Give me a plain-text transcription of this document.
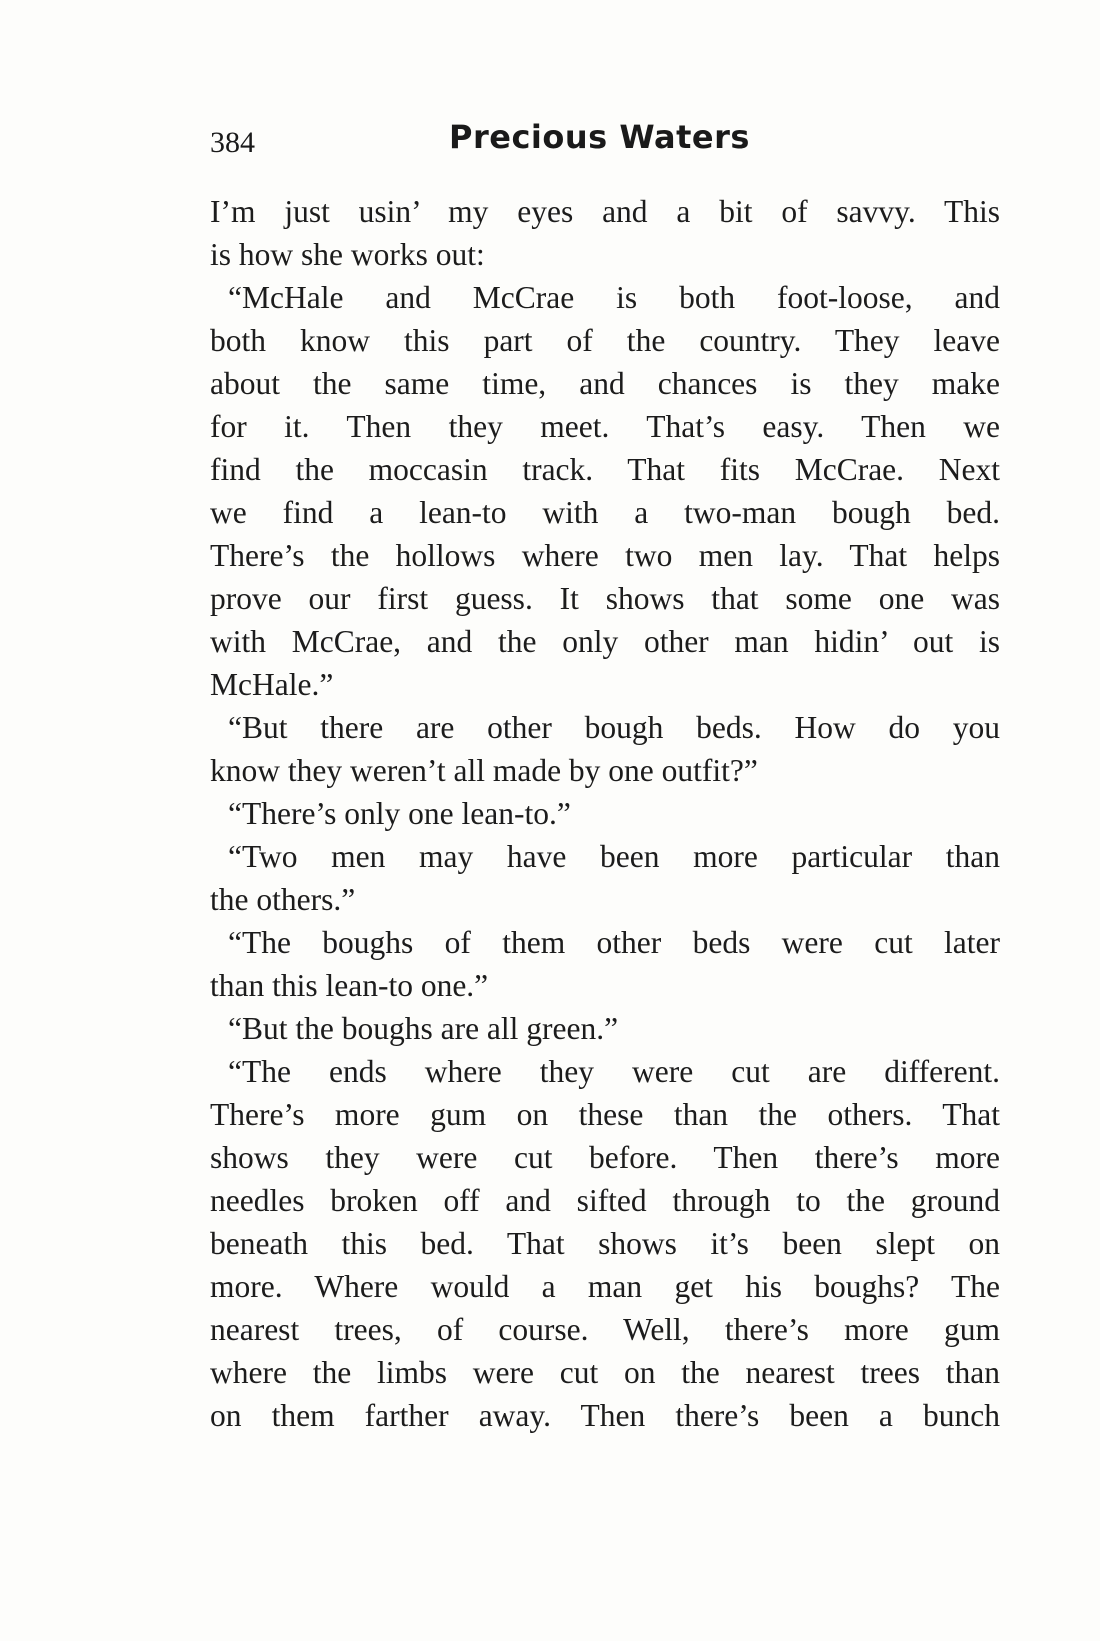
384	Precious Waters
I’m just usin’ my eyes and a bit of savvy. This
is how she works out:
“McHale and McCrae is both foot-loose, and
both know this part of the country. They leave
about the same time, and chances is they make
for it. Then they meet. That’s easy. Then we
find the moccasin track. That fits McCrae. Next
we find a lean-to with a two-man bough bed.
There’s the hollows where two men lay. That helps
prove our first guess. It shows that some one was
with McCrae, and the only other man hidin’ out is
McHale.”
“But there are other bough beds. How do you
know they weren’t all made by one outfit?”
“There’s only one lean-to.”
“Two men may have been more particular than
the others.”
“The boughs of them other beds were cut later
than this lean-to one.”
“But the boughs are all green.”
“The ends where they were cut are different.
There’s more gum on these than the others. That
shows they were cut before. Then there’s more
needles broken off and sifted through to the ground
beneath this bed. That shows it’s been slept on
more. Where would a man get his boughs? The
nearest trees, of course. Well, there’s more gum
where the limbs were cut on the nearest trees than
on them farther away. Then there’s been a bunch
